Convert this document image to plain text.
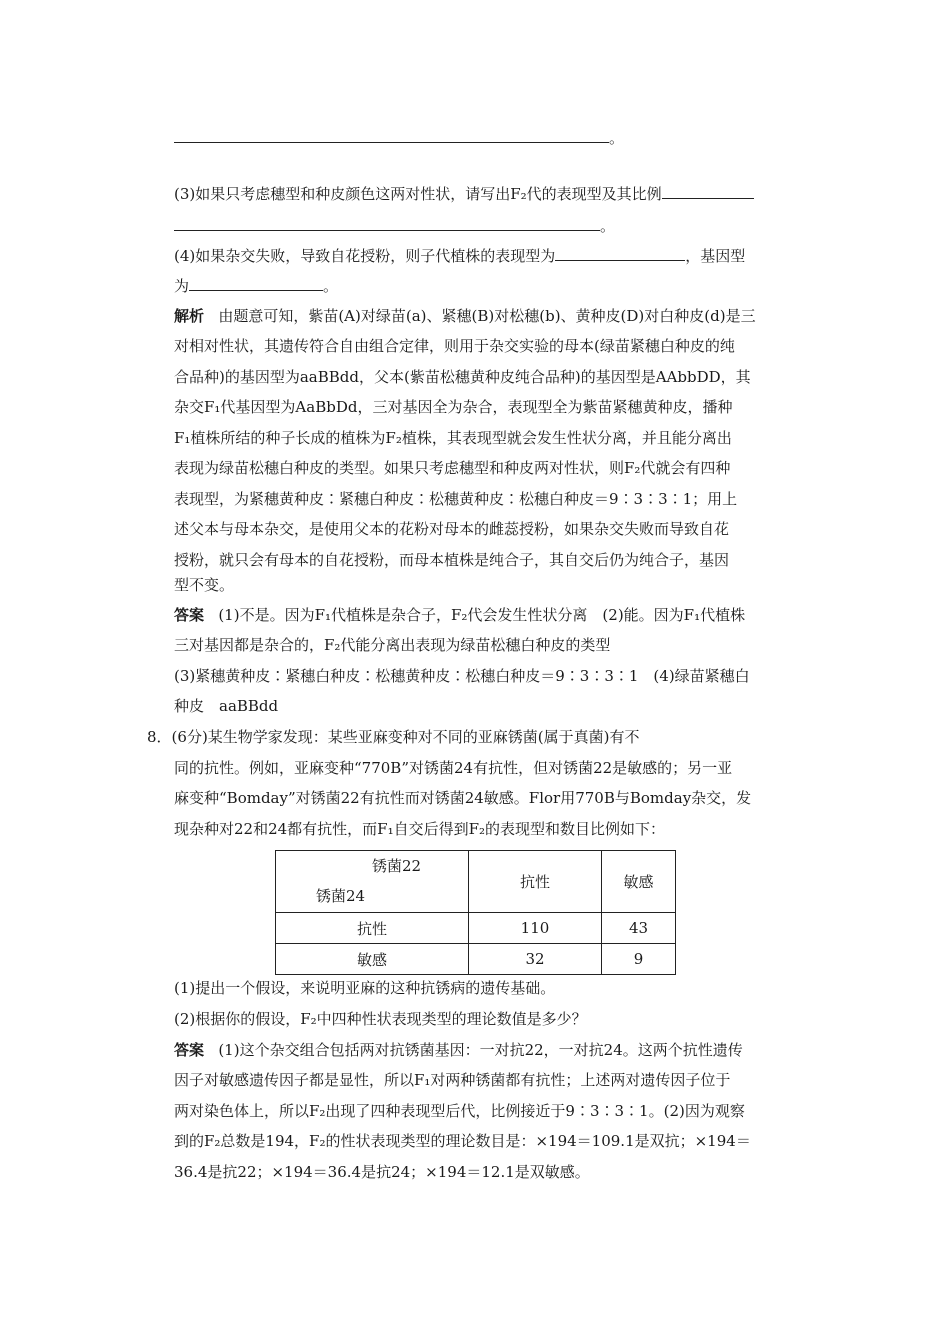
。
(3)如果只考虑穗型和种皮颜色这两对性状，请写出F₂代的表现型及其比例
。
(4)如果杂交失败，导致自花授粉，则子代植株的表现型为	，基因型
为	。
解析 由题意可知，紫苗(A)对绿苗(a)、紧穗(B)对松穗(b)、黄种皮(D)对白种皮(d)是三
对相对性状，其遗传符合自由组合定律，则用于杂交实验的母本(绿苗紧穗白种皮的纯
合品种)的基因型为aaBBdd，父本(紫苗松穗黄种皮纯合品种)的基因型是AAbbDD，其
杂交F₁代基因型为AaBbDd，三对基因全为杂合，表现型全为紫苗紧穗黄种皮，播种
F₁植株所结的种子长成的植株为F₂植株，其表现型就会发生性状分离，并且能分离出
表现为绿苗松穗白种皮的类型。如果只考虑穗型和种皮两对性状，则F₂代就会有四种
表现型，为紧穗黄种皮∶紧穗白种皮∶松穗黄种皮∶松穗白种皮＝9∶3∶3∶1；用上
述父本与母本杂交，是使用父本的花粉对母本的雌蕊授粉，如果杂交失败而导致自花
授粉，就只会有母本的自花授粉，而母本植株是纯合子，其自交后仍为纯合子，基因
型不变。
答案 (1)不是。因为F₁代植株是杂合子，F₂代会发生性状分离　(2)能。因为F₁代植株
三对基因都是杂合的，F₂代能分离出表现为绿苗松穗白种皮的类型
(3)紧穗黄种皮∶紧穗白种皮∶松穗黄种皮∶松穗白种皮＝9∶3∶3∶1　(4)绿苗紧穗白
种皮　aaBBdd
8．(6分)某生物学家发现：某些亚麻变种对不同的亚麻锈菌(属于真菌)有不
同的抗性。例如，亚麻变种“770B”对锈菌24有抗性，但对锈菌22是敏感的；另一亚
麻变种“Bomday”对锈菌22有抗性而对锈菌24敏感。Flor用770B与Bomday杂交，发
现杂种对22和24都有抗性，而F₁自交后得到F₂的表现型和数目比例如下：
锈菌22
锈菌24	抗性	敏感
抗性	110	43
敏感	32	9
(1)提出一个假设，来说明亚麻的这种抗锈病的遗传基础。
(2)根据你的假设，F₂中四种性状表现类型的理论数值是多少？
答案 (1)这个杂交组合包括两对抗锈菌基因：一对抗22，一对抗24。这两个抗性遗传
因子对敏感遗传因子都是显性，所以F₁对两种锈菌都有抗性；上述两对遗传因子位于
两对染色体上，所以F₂出现了四种表现型后代，比例接近于9∶3∶3∶1。(2)因为观察
到的F₂总数是194，F₂的性状表现类型的理论数目是：×194＝109.1是双抗；×194＝
36.4是抗22；×194＝36.4是抗24；×194＝12.1是双敏感。
